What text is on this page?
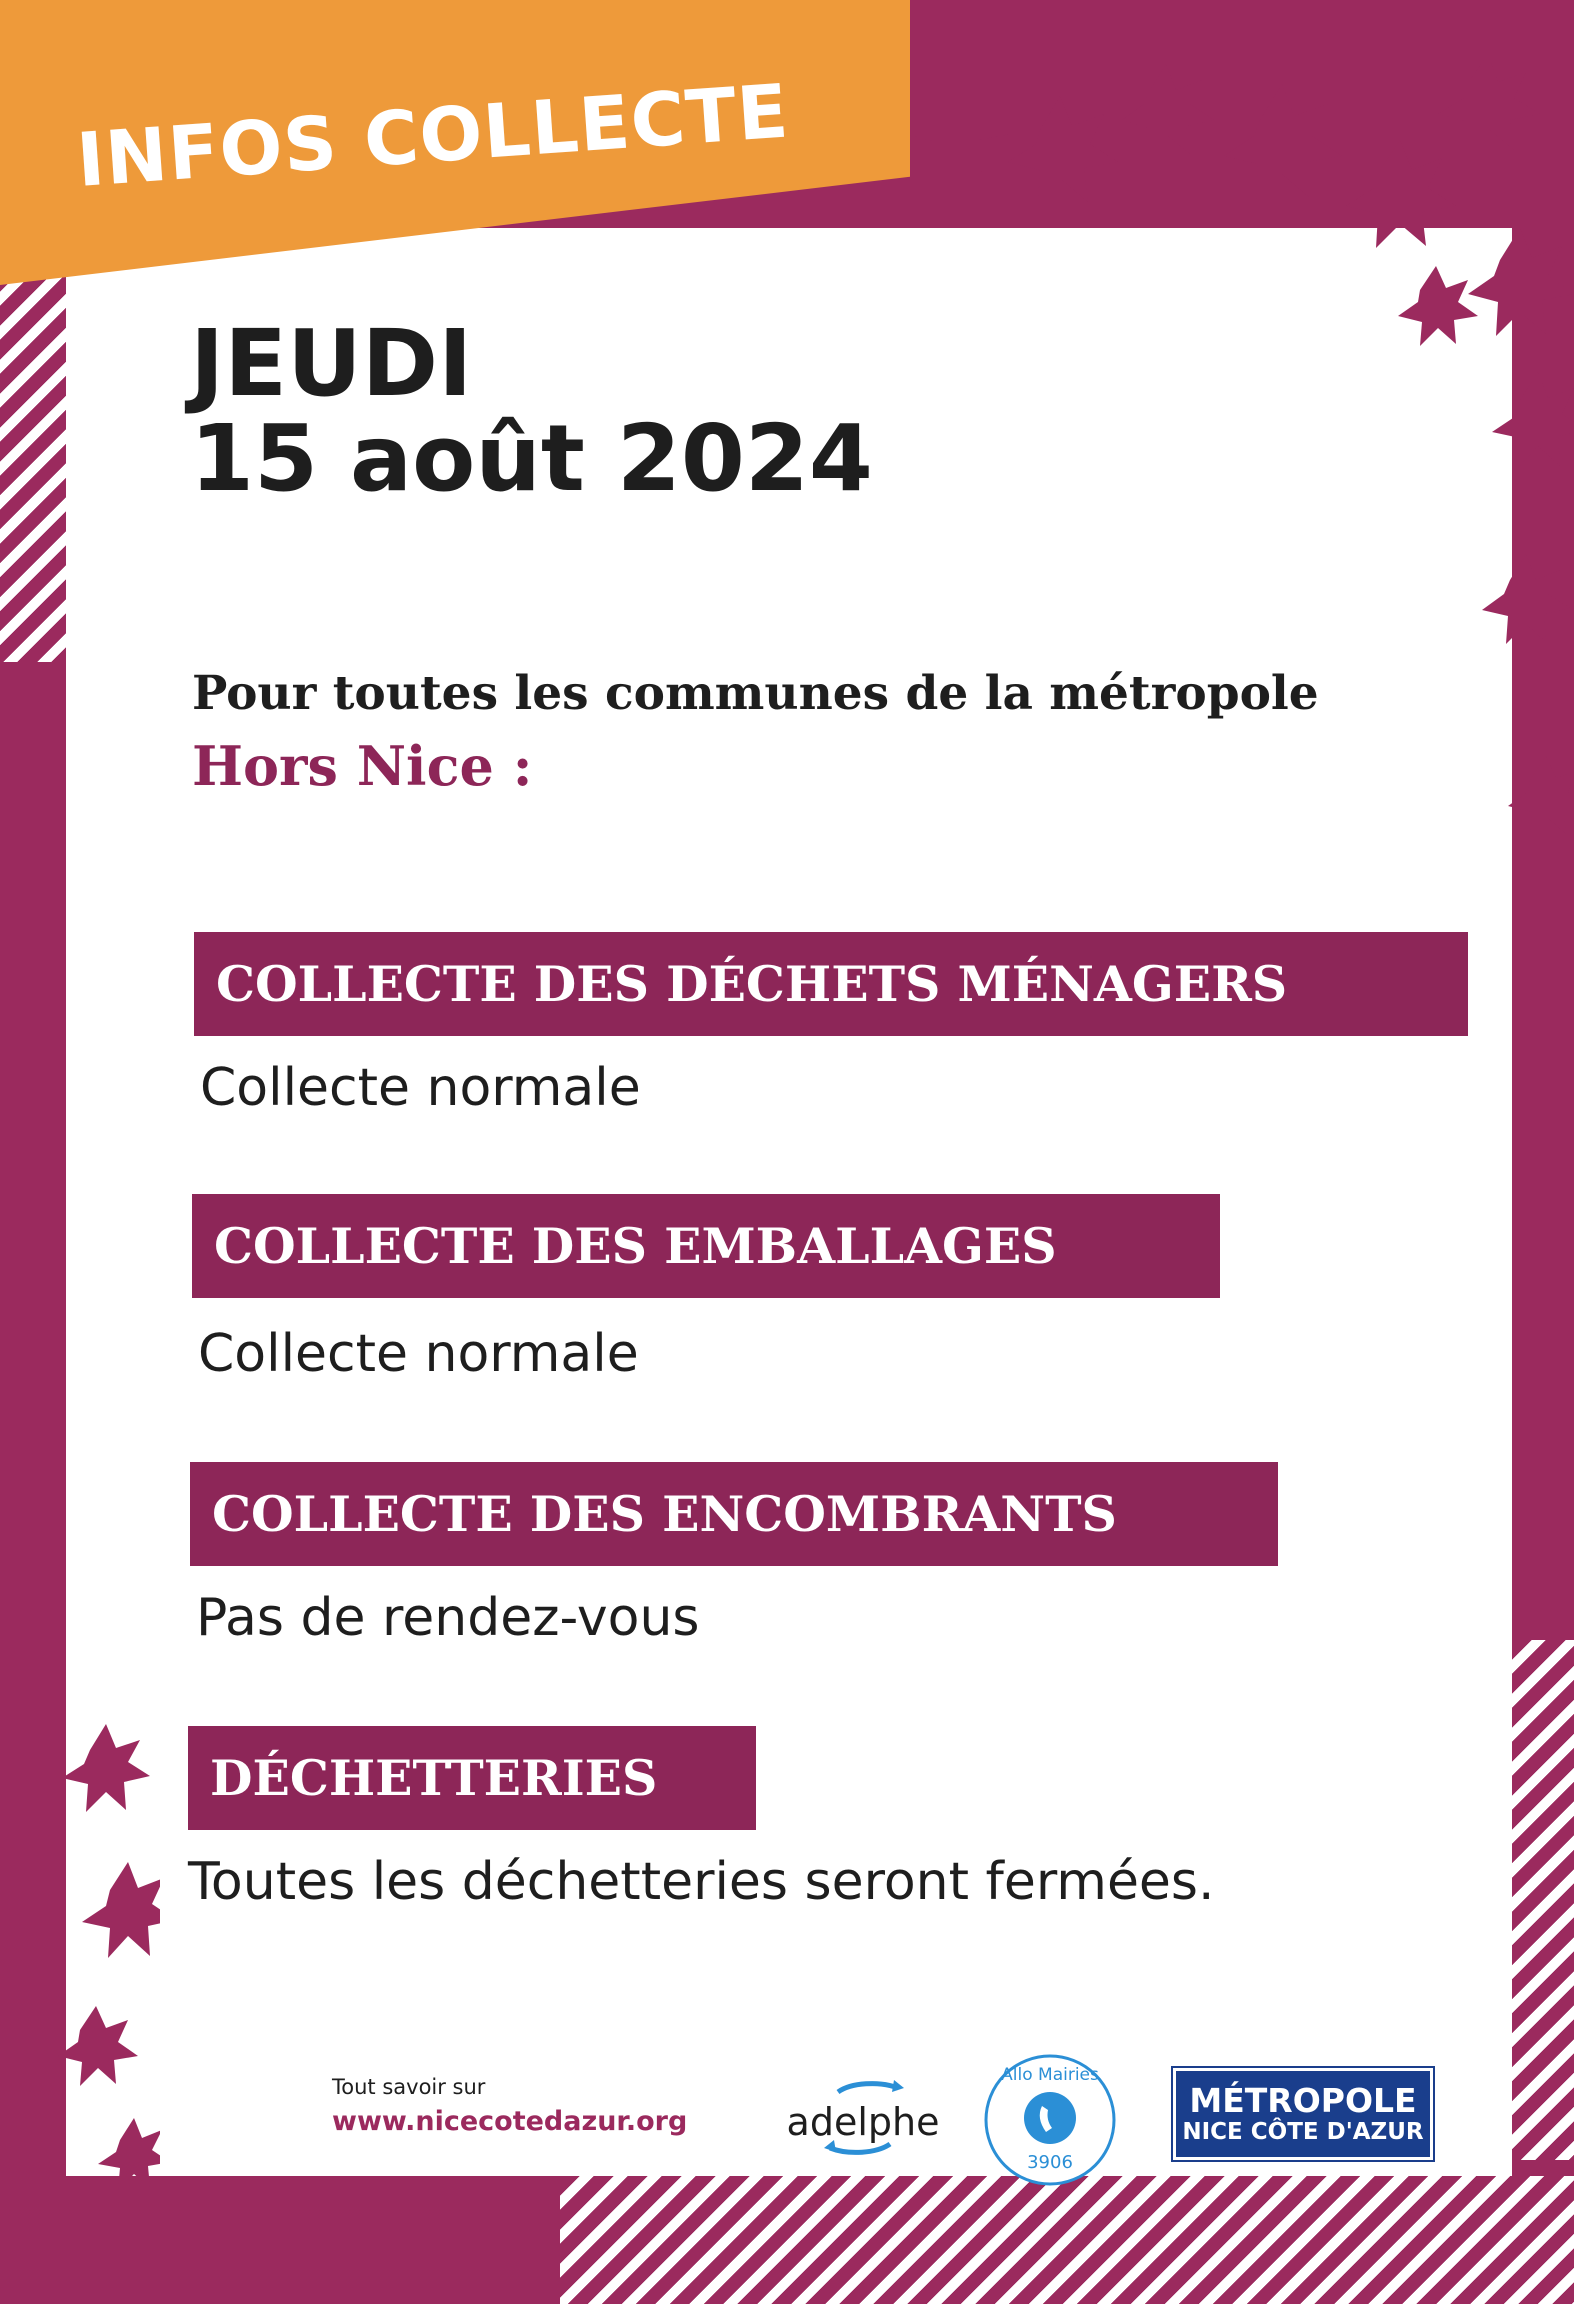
INFOS COLLECTE
JEUDI
15 août 2024
Pour toutes les communes de la métropole
Hors Nice :
COLLECTE DES DÉCHETS MÉNAGERS
Collecte normale
COLLECTE DES EMBALLAGES
Collecte normale
COLLECTE DES ENCOMBRANTS
Pas de rendez-vous
DÉCHETTERIES
Toutes les déchetteries seront fermées.
Tout savoir sur
www.nicecotedazur.org	adelphe
Allo Mairies
3906
MÉTROPOLE
NICE CÔTE D'AZUR
